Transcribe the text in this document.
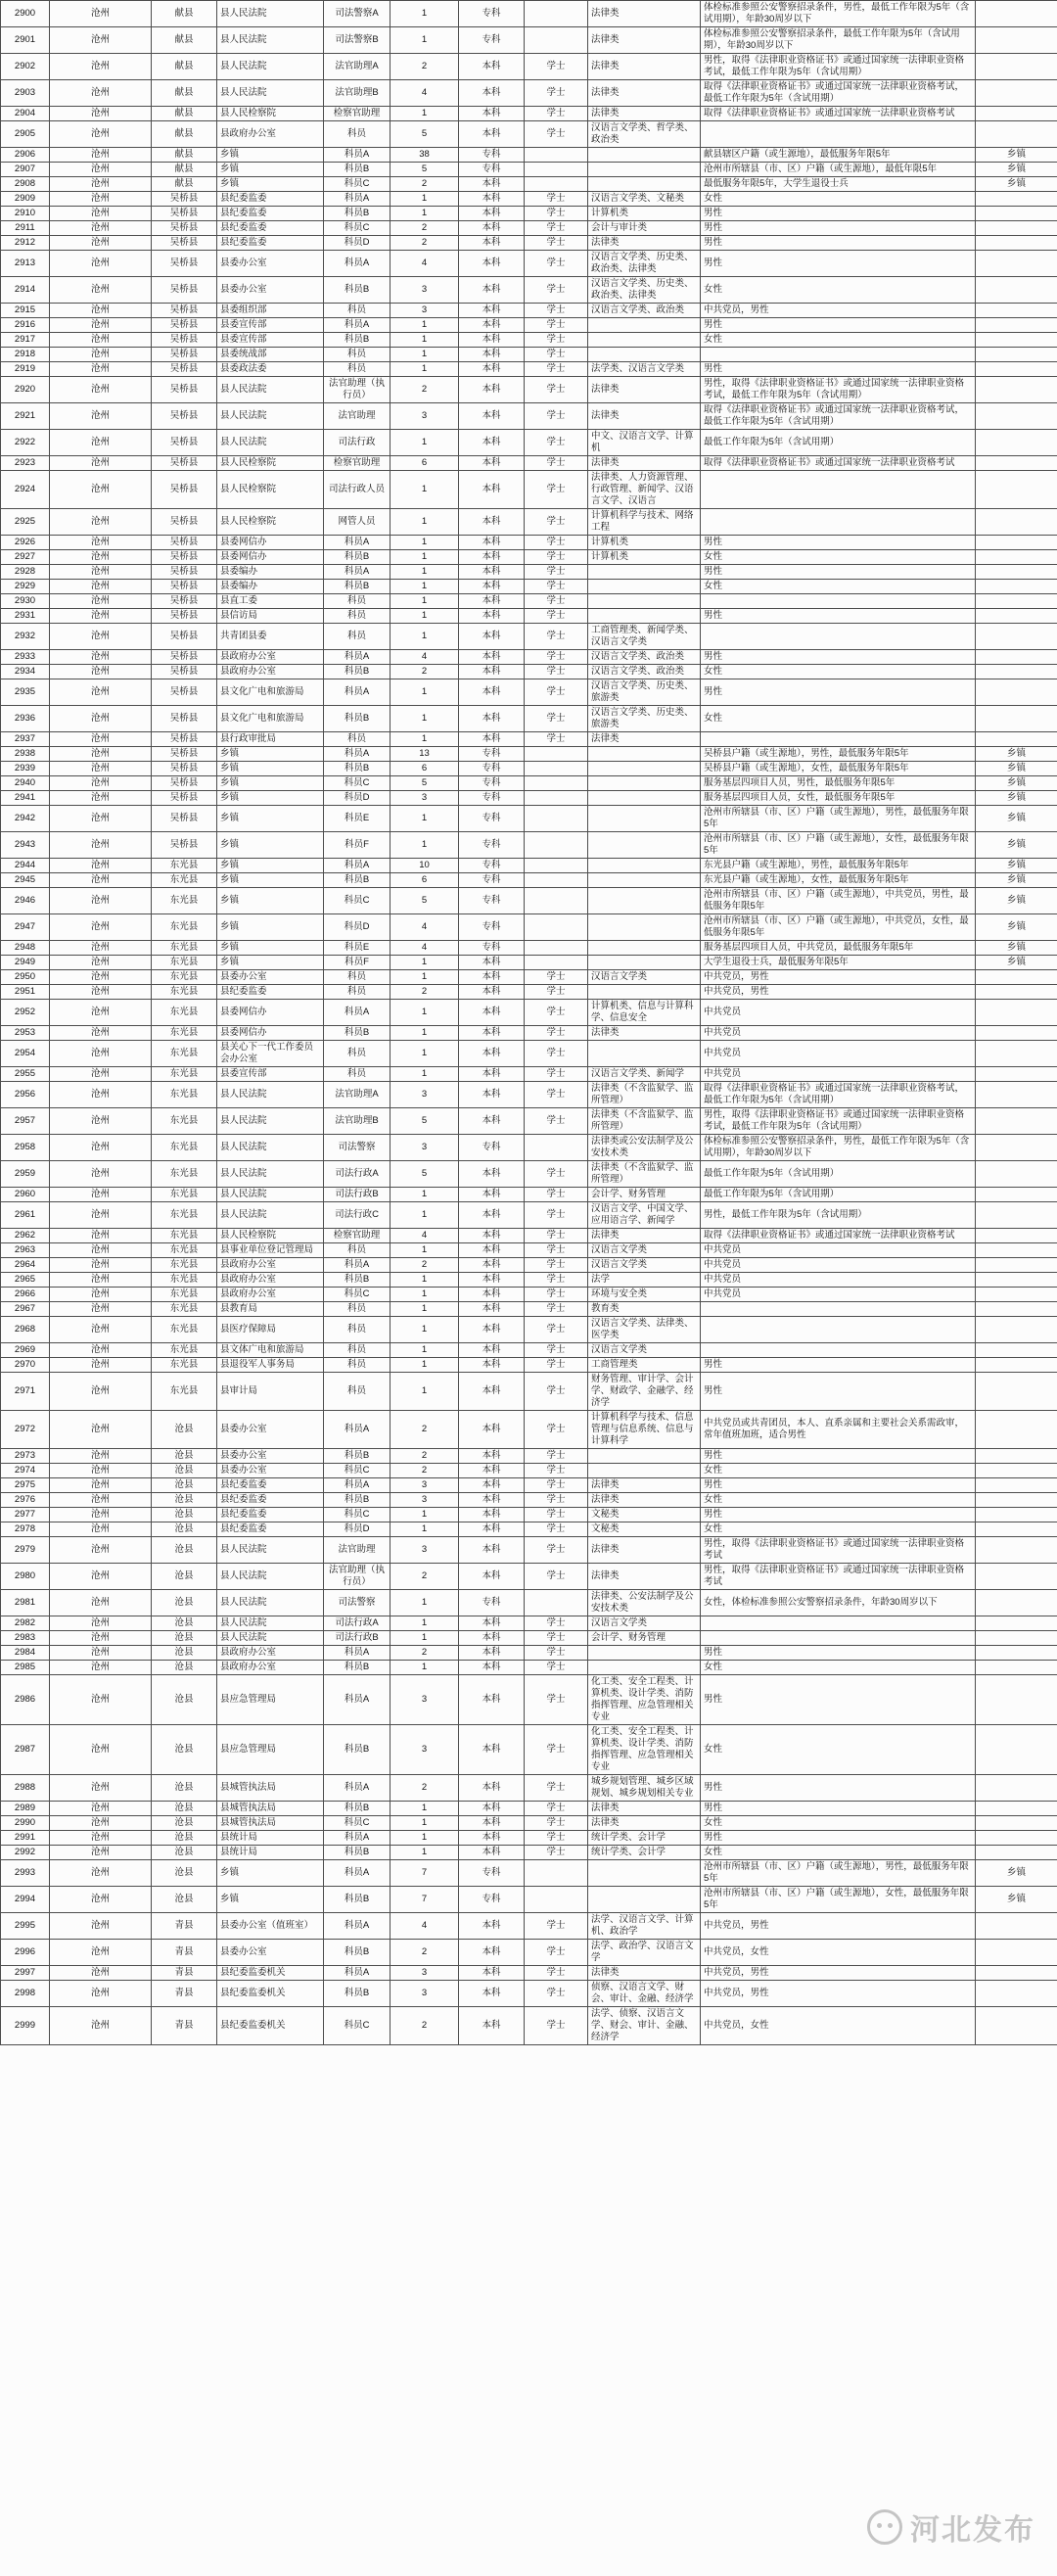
2900	沧州	献县	县人民法院	司法警察A	1	专科		法律类	体检标准参照公安警察招录条件，男性，最低工作年限为5年（含试用期），年龄30周岁以下	
2901	沧州	献县	县人民法院	司法警察B	1	专科		法律类	体检标准参照公安警察招录条件，最低工作年限为5年（含试用期），年龄30周岁以下	
2902	沧州	献县	县人民法院	法官助理A	2	本科	学士	法律类	男性，取得《法律职业资格证书》或通过国家统一法律职业资格考试，最低工作年限为5年（含试用期）	
2903	沧州	献县	县人民法院	法官助理B	4	本科	学士	法律类	取得《法律职业资格证书》或通过国家统一法律职业资格考试，最低工作年限为5年（含试用期）	
2904	沧州	献县	县人民检察院	检察官助理	1	本科	学士	法律类	取得《法律职业资格证书》或通过国家统一法律职业资格考试	
2905	沧州	献县	县政府办公室	科员	5	本科	学士	汉语言文学类、哲学类、政治类		
2906	沧州	献县	乡镇	科员A	38	专科			献县辖区户籍（或生源地），最低服务年限5年	乡镇
2907	沧州	献县	乡镇	科员B	5	专科			沧州市所辖县（市、区）户籍（或生源地），最低年限5年	乡镇
2908	沧州	献县	乡镇	科员C	2	本科			最低服务年限5年，大学生退役士兵	乡镇
2909	沧州	吴桥县	县纪委监委	科员A	1	本科	学士	汉语言文学类、文秘类	女性	
2910	沧州	吴桥县	县纪委监委	科员B	1	本科	学士	计算机类	男性	
2911	沧州	吴桥县	县纪委监委	科员C	2	本科	学士	会计与审计类	男性	
2912	沧州	吴桥县	县纪委监委	科员D	2	本科	学士	法律类	男性	
2913	沧州	吴桥县	县委办公室	科员A	4	本科	学士	汉语言文学类、历史类、政治类、法律类	男性	
2914	沧州	吴桥县	县委办公室	科员B	3	本科	学士	汉语言文学类、历史类、政治类、法律类	女性	
2915	沧州	吴桥县	县委组织部	科员	3	本科	学士	汉语言文学类、政治类	中共党员，男性	
2916	沧州	吴桥县	县委宣传部	科员A	1	本科	学士		男性	
2917	沧州	吴桥县	县委宣传部	科员B	1	本科	学士		女性	
2918	沧州	吴桥县	县委统战部	科员	1	本科	学士			
2919	沧州	吴桥县	县委政法委	科员	1	本科	学士	法学类、汉语言文学类	男性	
2920	沧州	吴桥县	县人民法院	法官助理（执行员）	2	本科	学士	法律类	男性，取得《法律职业资格证书》或通过国家统一法律职业资格考试，最低工作年限为5年（含试用期）	
2921	沧州	吴桥县	县人民法院	法官助理	3	本科	学士	法律类	取得《法律职业资格证书》或通过国家统一法律职业资格考试，最低工作年限为5年（含试用期）	
2922	沧州	吴桥县	县人民法院	司法行政	1	本科	学士	中文、汉语言文学、计算机	最低工作年限为5年（含试用期）	
2923	沧州	吴桥县	县人民检察院	检察官助理	6	本科	学士	法律类	取得《法律职业资格证书》或通过国家统一法律职业资格考试	
2924	沧州	吴桥县	县人民检察院	司法行政人员	1	本科	学士	法律类、人力资源管理、行政管理、新闻学、汉语言文学、汉语言		
2925	沧州	吴桥县	县人民检察院	网管人员	1	本科	学士	计算机科学与技术、网络工程		
2926	沧州	吴桥县	县委网信办	科员A	1	本科	学士	计算机类	男性	
2927	沧州	吴桥县	县委网信办	科员B	1	本科	学士	计算机类	女性	
2928	沧州	吴桥县	县委编办	科员A	1	本科	学士		男性	
2929	沧州	吴桥县	县委编办	科员B	1	本科	学士		女性	
2930	沧州	吴桥县	县直工委	科员	1	本科	学士			
2931	沧州	吴桥县	县信访局	科员	1	本科	学士		男性	
2932	沧州	吴桥县	共青团县委	科员	1	本科	学士	工商管理类、新闻学类、汉语言文学类		
2933	沧州	吴桥县	县政府办公室	科员A	4	本科	学士	汉语言文学类、政治类	男性	
2934	沧州	吴桥县	县政府办公室	科员B	2	本科	学士	汉语言文学类、政治类	女性	
2935	沧州	吴桥县	县文化广电和旅游局	科员A	1	本科	学士	汉语言文学类、历史类、旅游类	男性	
2936	沧州	吴桥县	县文化广电和旅游局	科员B	1	本科	学士	汉语言文学类、历史类、旅游类	女性	
2937	沧州	吴桥县	县行政审批局	科员	1	本科	学士	法律类		
2938	沧州	吴桥县	乡镇	科员A	13	专科			吴桥县户籍（或生源地），男性，最低服务年限5年	乡镇
2939	沧州	吴桥县	乡镇	科员B	6	专科			吴桥县户籍（或生源地），女性，最低服务年限5年	乡镇
2940	沧州	吴桥县	乡镇	科员C	5	专科			服务基层四项目人员，男性，最低服务年限5年	乡镇
2941	沧州	吴桥县	乡镇	科员D	3	专科			服务基层四项目人员，女性，最低服务年限5年	乡镇
2942	沧州	吴桥县	乡镇	科员E	1	专科			沧州市所辖县（市、区）户籍（或生源地），男性，最低服务年限5年	乡镇
2943	沧州	吴桥县	乡镇	科员F	1	专科			沧州市所辖县（市、区）户籍（或生源地），女性，最低服务年限5年	乡镇
2944	沧州	东光县	乡镇	科员A	10	专科			东光县户籍（或生源地），男性，最低服务年限5年	乡镇
2945	沧州	东光县	乡镇	科员B	6	专科			东光县户籍（或生源地），女性，最低服务年限5年	乡镇
2946	沧州	东光县	乡镇	科员C	5	专科			沧州市所辖县（市、区）户籍（或生源地），中共党员，男性，最低服务年限5年	乡镇
2947	沧州	东光县	乡镇	科员D	4	专科			沧州市所辖县（市、区）户籍（或生源地），中共党员，女性，最低服务年限5年	乡镇
2948	沧州	东光县	乡镇	科员E	4	专科			服务基层四项目人员，中共党员，最低服务年限5年	乡镇
2949	沧州	东光县	乡镇	科员F	1	本科			大学生退役士兵，最低服务年限5年	乡镇
2950	沧州	东光县	县委办公室	科员	1	本科	学士	汉语言文学类	中共党员，男性	
2951	沧州	东光县	县纪委监委	科员	2	本科	学士		中共党员，男性	
2952	沧州	东光县	县委网信办	科员A	1	本科	学士	计算机类、信息与计算科学、信息安全	中共党员	
2953	沧州	东光县	县委网信办	科员B	1	本科	学士	法律类	中共党员	
2954	沧州	东光县	县关心下一代工作委员会办公室	科员	1	本科	学士		中共党员	
2955	沧州	东光县	县委宣传部	科员	1	本科	学士	汉语言文学类、新闻学	中共党员	
2956	沧州	东光县	县人民法院	法官助理A	3	本科	学士	法律类（不含监狱学、监所管理）	取得《法律职业资格证书》或通过国家统一法律职业资格考试，最低工作年限为5年（含试用期）	
2957	沧州	东光县	县人民法院	法官助理B	5	本科	学士	法律类（不含监狱学、监所管理）	男性，取得《法律职业资格证书》或通过国家统一法律职业资格考试，最低工作年限为5年（含试用期）	
2958	沧州	东光县	县人民法院	司法警察	3	专科		法律类或公安法制学及公安技术类	体检标准参照公安警察招录条件，男性，最低工作年限为5年（含试用期），年龄30周岁以下	
2959	沧州	东光县	县人民法院	司法行政A	5	本科	学士	法律类（不含监狱学、监所管理）	最低工作年限为5年（含试用期）	
2960	沧州	东光县	县人民法院	司法行政B	1	本科	学士	会计学、财务管理	最低工作年限为5年（含试用期）	
2961	沧州	东光县	县人民法院	司法行政C	1	本科	学士	汉语言文学、中国文学、应用语言学、新闻学	男性，最低工作年限为5年（含试用期）	
2962	沧州	东光县	县人民检察院	检察官助理	4	本科	学士	法律类	取得《法律职业资格证书》或通过国家统一法律职业资格考试	
2963	沧州	东光县	县事业单位登记管理局	科员	1	本科	学士	汉语言文学类	中共党员	
2964	沧州	东光县	县政府办公室	科员A	2	本科	学士	汉语言文学类	中共党员	
2965	沧州	东光县	县政府办公室	科员B	1	本科	学士	法学	中共党员	
2966	沧州	东光县	县政府办公室	科员C	1	本科	学士	环境与安全类	中共党员	
2967	沧州	东光县	县教育局	科员	1	本科	学士	教育类		
2968	沧州	东光县	县医疗保障局	科员	1	本科	学士	汉语言文学类、法律类、医学类		
2969	沧州	东光县	县文体广电和旅游局	科员	1	本科	学士	汉语言文学类		
2970	沧州	东光县	县退役军人事务局	科员	1	本科	学士	工商管理类	男性	
2971	沧州	东光县	县审计局	科员	1	本科	学士	财务管理、审计学、会计学、财政学、金融学、经济学	男性	
2972	沧州	沧县	县委办公室	科员A	2	本科	学士	计算机科学与技术、信息管理与信息系统、信息与计算科学	中共党员或共青团员，本人、直系亲属和主要社会关系需政审，常年值班加班，适合男性	
2973	沧州	沧县	县委办公室	科员B	2	本科	学士		男性	
2974	沧州	沧县	县委办公室	科员C	2	本科	学士		女性	
2975	沧州	沧县	县纪委监委	科员A	3	本科	学士	法律类	男性	
2976	沧州	沧县	县纪委监委	科员B	3	本科	学士	法律类	女性	
2977	沧州	沧县	县纪委监委	科员C	1	本科	学士	文秘类	男性	
2978	沧州	沧县	县纪委监委	科员D	1	本科	学士	文秘类	女性	
2979	沧州	沧县	县人民法院	法官助理	3	本科	学士	法律类	男性，取得《法律职业资格证书》或通过国家统一法律职业资格考试	
2980	沧州	沧县	县人民法院	法官助理（执行员）	2	本科	学士	法律类	男性，取得《法律职业资格证书》或通过国家统一法律职业资格考试	
2981	沧州	沧县	县人民法院	司法警察	1	专科		法律类、公安法制学及公安技术类	女性，体检标准参照公安警察招录条件，年龄30周岁以下	
2982	沧州	沧县	县人民法院	司法行政A	1	本科	学士	汉语言文学类		
2983	沧州	沧县	县人民法院	司法行政B	1	本科	学士	会计学、财务管理		
2984	沧州	沧县	县政府办公室	科员A	2	本科	学士		男性	
2985	沧州	沧县	县政府办公室	科员B	1	本科	学士		女性	
2986	沧州	沧县	县应急管理局	科员A	3	本科	学士	化工类、安全工程类、计算机类、设计学类、消防指挥管理、应急管理相关专业	男性	
2987	沧州	沧县	县应急管理局	科员B	3	本科	学士	化工类、安全工程类、计算机类、设计学类、消防指挥管理、应急管理相关专业	女性	
2988	沧州	沧县	县城管执法局	科员A	2	本科	学士	城乡规划管理、城乡区域规划、城乡规划相关专业	男性	
2989	沧州	沧县	县城管执法局	科员B	1	本科	学士	法律类	男性	
2990	沧州	沧县	县城管执法局	科员C	1	本科	学士	法律类	女性	
2991	沧州	沧县	县统计局	科员A	1	本科	学士	统计学类、会计学	男性	
2992	沧州	沧县	县统计局	科员B	1	本科	学士	统计学类、会计学	女性	
2993	沧州	沧县	乡镇	科员A	7	专科			沧州市所辖县（市、区）户籍（或生源地），男性，最低服务年限5年	乡镇
2994	沧州	沧县	乡镇	科员B	7	专科			沧州市所辖县（市、区）户籍（或生源地），女性，最低服务年限5年	乡镇
2995	沧州	青县	县委办公室（值班室）	科员A	4	本科	学士	法学、汉语言文学、计算机、政治学	中共党员，男性	
2996	沧州	青县	县委办公室	科员B	2	本科	学士	法学、政治学、汉语言文学	中共党员，女性	
2997	沧州	青县	县纪委监委机关	科员A	3	本科	学士	法律类	中共党员，男性	
2998	沧州	青县	县纪委监委机关	科员B	3	本科	学士	侦察、汉语言文学、财会、审计、金融、经济学	中共党员，男性	
2999	沧州	青县	县纪委监委机关	科员C	2	本科	学士	法学、侦察、汉语言文学、财会、审计、金融、经济学	中共党员，女性	
河北发布
